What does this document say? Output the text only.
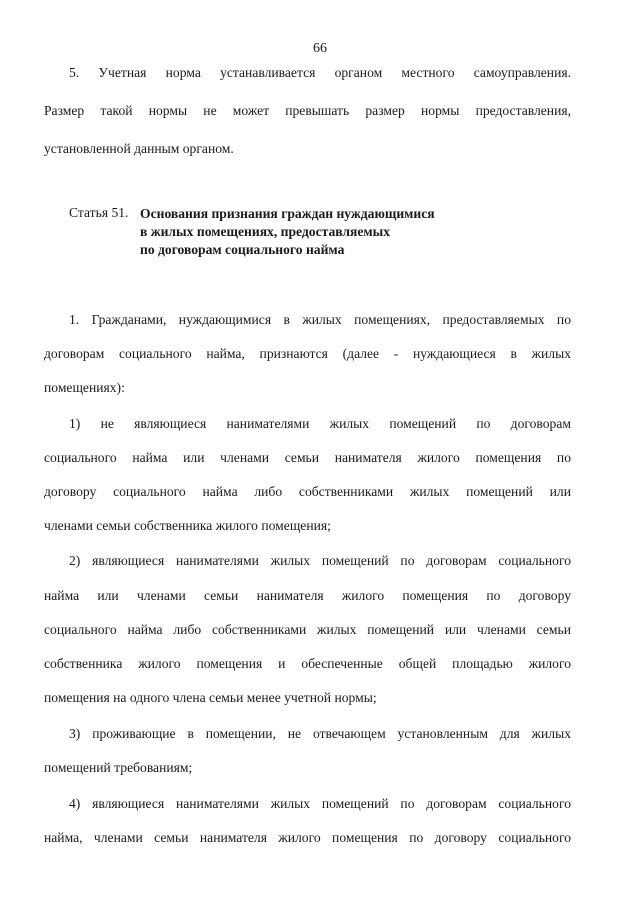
66
5. Учетная норма устанавливается органом местного самоуправления.
Размер такой нормы не может превышать размер нормы предоставления,
установленной данным органом.
Статья 51. Основания признания граждан нуждающимися
в жилых помещениях, предоставляемых
по договорам социального найма
1. Гражданами, нуждающимися в жилых помещениях, предоставляемых по
договорам социального найма, признаются (далее - нуждающиеся в жилых
помещениях):
1) не являющиеся нанимателями жилых помещений по договорам
социального найма или членами семьи нанимателя жилого помещения по
договору социального найма либо собственниками жилых помещений или
членами семьи собственника жилого помещения;
2) являющиеся нанимателями жилых помещений по договорам социального
найма или членами семьи нанимателя жилого помещения по договору
социального найма либо собственниками жилых помещений или членами семьи
собственника жилого помещения и обеспеченные общей площадью жилого
помещения на одного члена семьи менее учетной нормы;
3) проживающие в помещении, не отвечающем установленным для жилых
помещений требованиям;
4) являющиеся нанимателями жилых помещений по договорам социального
найма, членами семьи нанимателя жилого помещения по договору социального
